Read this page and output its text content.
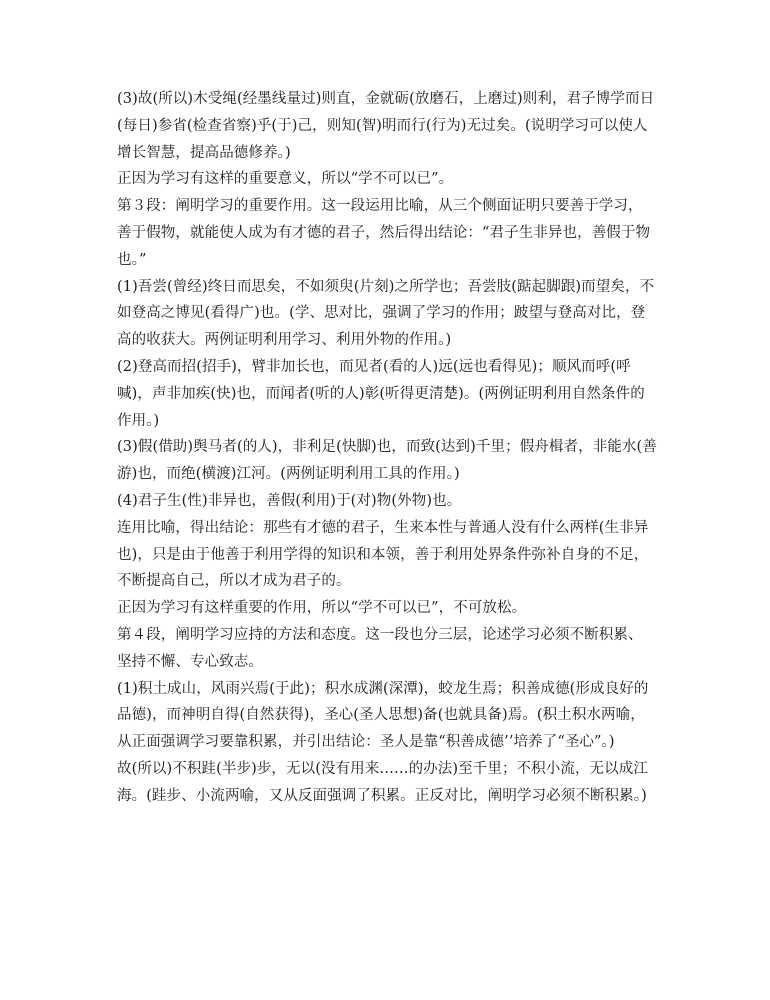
(3)故(所以)木受绳(经墨线量过)则直，金就砺(放磨石，上磨过)则利，君子博学而日(每日)参省(检查省察)乎(于)己，则知(智)明而行(行为)无过矣。(说明学习可以使人增长智慧，提高品德修养。)

正因为学习有这样的重要意义，所以“学不可以已”。

第３段：阐明学习的重要作用。这一段运用比喻，从三个侧面证明只要善于学习，善于假物，就能使人成为有才德的君子，然后得出结论：“君子生非异也，善假于物也。”

(1)吾尝(曾经)终日而思矣，不如须臾(片刻)之所学也；吾尝肢(踮起脚跟)而望矣，不如登高之博见(看得广)也。(学、思对比，强调了学习的作用；跛望与登高对比，登高的收获大。两例证明利用学习、利用外物的作用。)

(2)登高而招(招手)，臂非加长也，而见者(看的人)远(远也看得见)；顺风而呼(呼喊)，声非加疾(快)也，而闻者(听的人)彰(听得更清楚)。(两例证明利用自然条件的作用。)

(3)假(借助)舆马者(的人)，非利足(快脚)也，而致(达到)千里；假舟楫者，非能水(善游)也，而绝(横渡)江河。(两例证明利用工具的作用。)

(4)君子生(性)非异也，善假(利用)于(对)物(外物)也。

连用比喻，得出结论：那些有才德的君子，生来本性与普通人没有什么两样(生非异也)，只是由于他善于利用学得的知识和本领，善于利用处界条件弥补自身的不足，不断提高自己，所以才成为君子的。

正因为学习有这样重要的作用，所以“学不可以已”，不可放松。

第４段，阐明学习应持的方法和态度。这一段也分三层，论述学习必须不断积累、坚持不懈、专心致志。

(1)积土成山，风雨兴焉(于此)；积水成渊(深潭)，蛟龙生焉；积善成德(形成良好的品德)，而神明自得(自然获得)，圣心(圣人思想)备(也就具备)焉。(积土积水两喻，从正面强调学习要靠积累，并引出结论：圣人是靠“积善成德’’培养了“圣心”。)

故(所以)不积跬(半步)步，无以(没有用来……的办法)至千里；不积小流，无以成江海。(跬步、小流两喻，又从反面强调了积累。正反对比，阐明学习必须不断积累。)
